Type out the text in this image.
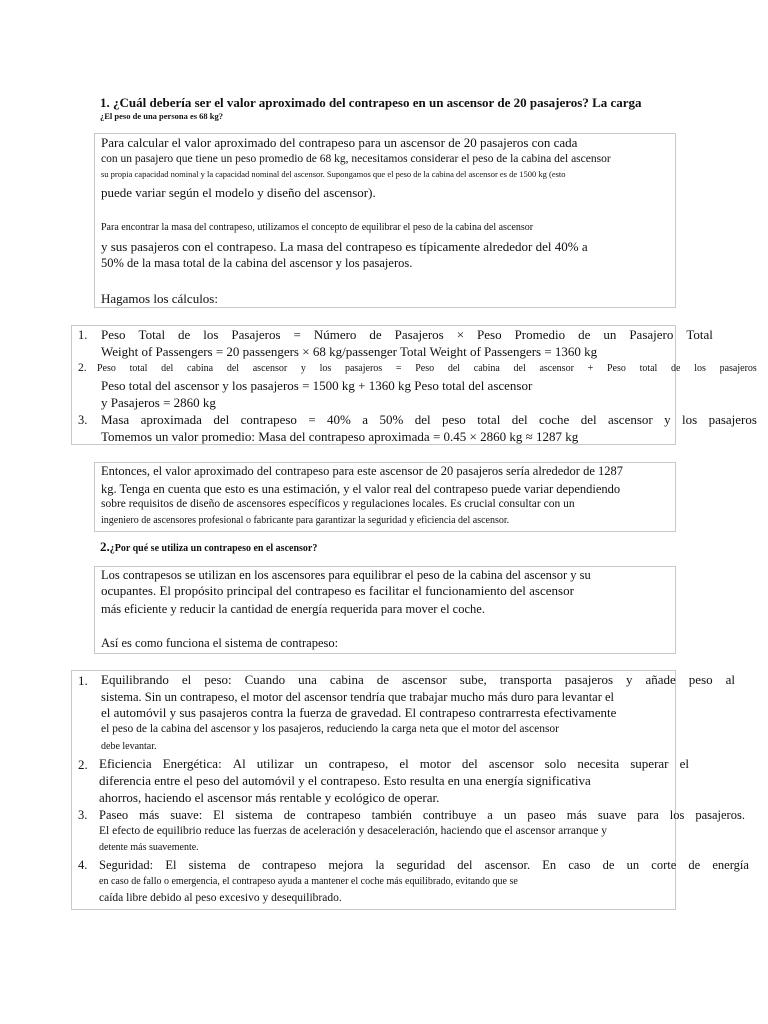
1. ¿Cuál debería ser el valor aproximado del contrapeso en un ascensor de 20 pasajeros? La carga
¿El peso de una persona es 68 kg?
Para calcular el valor aproximado del contrapeso para un ascensor de 20 pasajeros con cada
con un pasajero que tiene un peso promedio de 68 kg, necesitamos considerar el peso de la cabina del ascensor
su propia capacidad nominal y la capacidad nominal del ascensor. Supongamos que el peso de la cabina del ascensor es de 1500 kg (esto
puede variar según el modelo y diseño del ascensor).
Para encontrar la masa del contrapeso, utilizamos el concepto de equilibrar el peso de la cabina del ascensor
y sus pasajeros con el contrapeso. La masa del contrapeso es típicamente alrededor del 40% a
50% de la masa total de la cabina del ascensor y los pasajeros.
Hagamos los cálculos:
1. Peso Total de los Pasajeros = Número de Pasajeros × Peso Promedio de un Pasajero Total
Weight of Passengers = 20 passengers × 68 kg/passenger Total Weight of Passengers = 1360 kg
2. Peso total del cabina del ascensor y los pasajeros = Peso del cabina del ascensor + Peso total de los pasajeros
Peso total del ascensor y los pasajeros = 1500 kg + 1360 kg Peso total del ascensor
y Pasajeros = 2860 kg
3. Masa aproximada del contrapeso = 40% a 50% del peso total del coche del ascensor y los pasajeros
Tomemos un valor promedio: Masa del contrapeso aproximada = 0.45 × 2860 kg ≈ 1287 kg
Entonces, el valor aproximado del contrapeso para este ascensor de 20 pasajeros sería alrededor de 1287
kg. Tenga en cuenta que esto es una estimación, y el valor real del contrapeso puede variar dependiendo
sobre requisitos de diseño de ascensores específicos y regulaciones locales. Es crucial consultar con un
ingeniero de ascensores profesional o fabricante para garantizar la seguridad y eficiencia del ascensor.
2.¿Por qué se utiliza un contrapeso en el ascensor?
Los contrapesos se utilizan en los ascensores para equilibrar el peso de la cabina del ascensor y su
ocupantes. El propósito principal del contrapeso es facilitar el funcionamiento del ascensor
más eficiente y reducir la cantidad de energía requerida para mover el coche.
Así es como funciona el sistema de contrapeso:
1. Equilibrando el peso: Cuando una cabina de ascensor sube, transporta pasajeros y añade peso al
sistema. Sin un contrapeso, el motor del ascensor tendría que trabajar mucho más duro para levantar el
el automóvil y sus pasajeros contra la fuerza de gravedad. El contrapeso contrarresta efectivamente
el peso de la cabina del ascensor y los pasajeros, reduciendo la carga neta que el motor del ascensor
debe levantar.
2. Eficiencia Energética: Al utilizar un contrapeso, el motor del ascensor solo necesita superar el
diferencia entre el peso del automóvil y el contrapeso. Esto resulta en una energía significativa
ahorros, haciendo el ascensor más rentable y ecológico de operar.
3. Paseo más suave: El sistema de contrapeso también contribuye a un paseo más suave para los pasajeros.
El efecto de equilibrio reduce las fuerzas de aceleración y desaceleración, haciendo que el ascensor arranque y
detente más suavemente.
4. Seguridad: El sistema de contrapeso mejora la seguridad del ascensor. En caso de un corte de energía
en caso de fallo o emergencia, el contrapeso ayuda a mantener el coche más equilibrado, evitando que se
caída libre debido al peso excesivo y desequilibrado.
